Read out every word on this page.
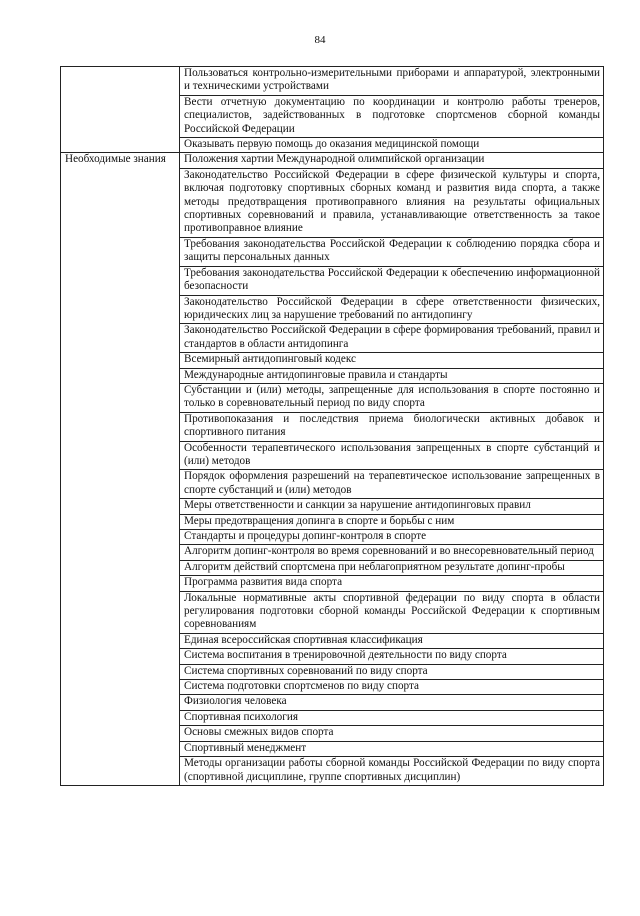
84
	Пользоваться контрольно-измерительными приборами и аппаратурой, электронными и техническими устройствами
	Вести отчетную документацию по координации и контролю работы тренеров, специалистов, задействованных в подготовке спортсменов сборной команды Российской Федерации
	Оказывать первую помощь до оказания медицинской помощи
Необходимые знания	Положения хартии Международной олимпийской организации
	Законодательство Российской Федерации в сфере физической культуры и спорта, включая подготовку спортивных сборных команд и развития вида спорта, а также методы предотвращения противоправного влияния на результаты официальных спортивных соревнований и правила, устанавливающие ответственность за такое противоправное влияние
	Требования законодательства Российской Федерации к соблюдению порядка сбора и защиты персональных данных
	Требования законодательства Российской Федерации к обеспечению информационной безопасности
	Законодательство Российской Федерации в сфере ответственности физических, юридических лиц за нарушение требований по антидопингу
	Законодательство Российской Федерации в сфере формирования требований, правил и стандартов в области антидопинга
	Всемирный антидопинговый кодекс
	Международные антидопинговые правила и стандарты
	Субстанции и (или) методы, запрещенные для использования в спорте постоянно и только в соревновательный период по виду спорта
	Противопоказания и последствия приема биологически активных добавок и спортивного питания
	Особенности терапевтического использования запрещенных в спорте субстанций и (или) методов
	Порядок оформления разрешений на терапевтическое использование запрещенных в спорте субстанций и (или) методов
	Меры ответственности и санкции за нарушение антидопинговых правил
	Меры предотвращения допинга в спорте и борьбы с ним
	Стандарты и процедуры допинг-контроля в спорте
	Алгоритм допинг-контроля во время соревнований и во внесоревновательный период
	Алгоритм действий спортсмена при неблагоприятном результате допинг-пробы
	Программа развития вида спорта
	Локальные нормативные акты спортивной федерации по виду спорта в области регулирования подготовки сборной команды Российской Федерации к спортивным соревнованиям
	Единая всероссийская спортивная классификация
	Система воспитания в тренировочной деятельности по виду спорта
	Система спортивных соревнований по виду спорта
	Система подготовки спортсменов по виду спорта
	Физиология человека
	Спортивная психология
	Основы смежных видов спорта
	Спортивный менеджмент
	Методы организации работы сборной команды Российской Федерации по виду спорта (спортивной дисциплине, группе спортивных дисциплин)
